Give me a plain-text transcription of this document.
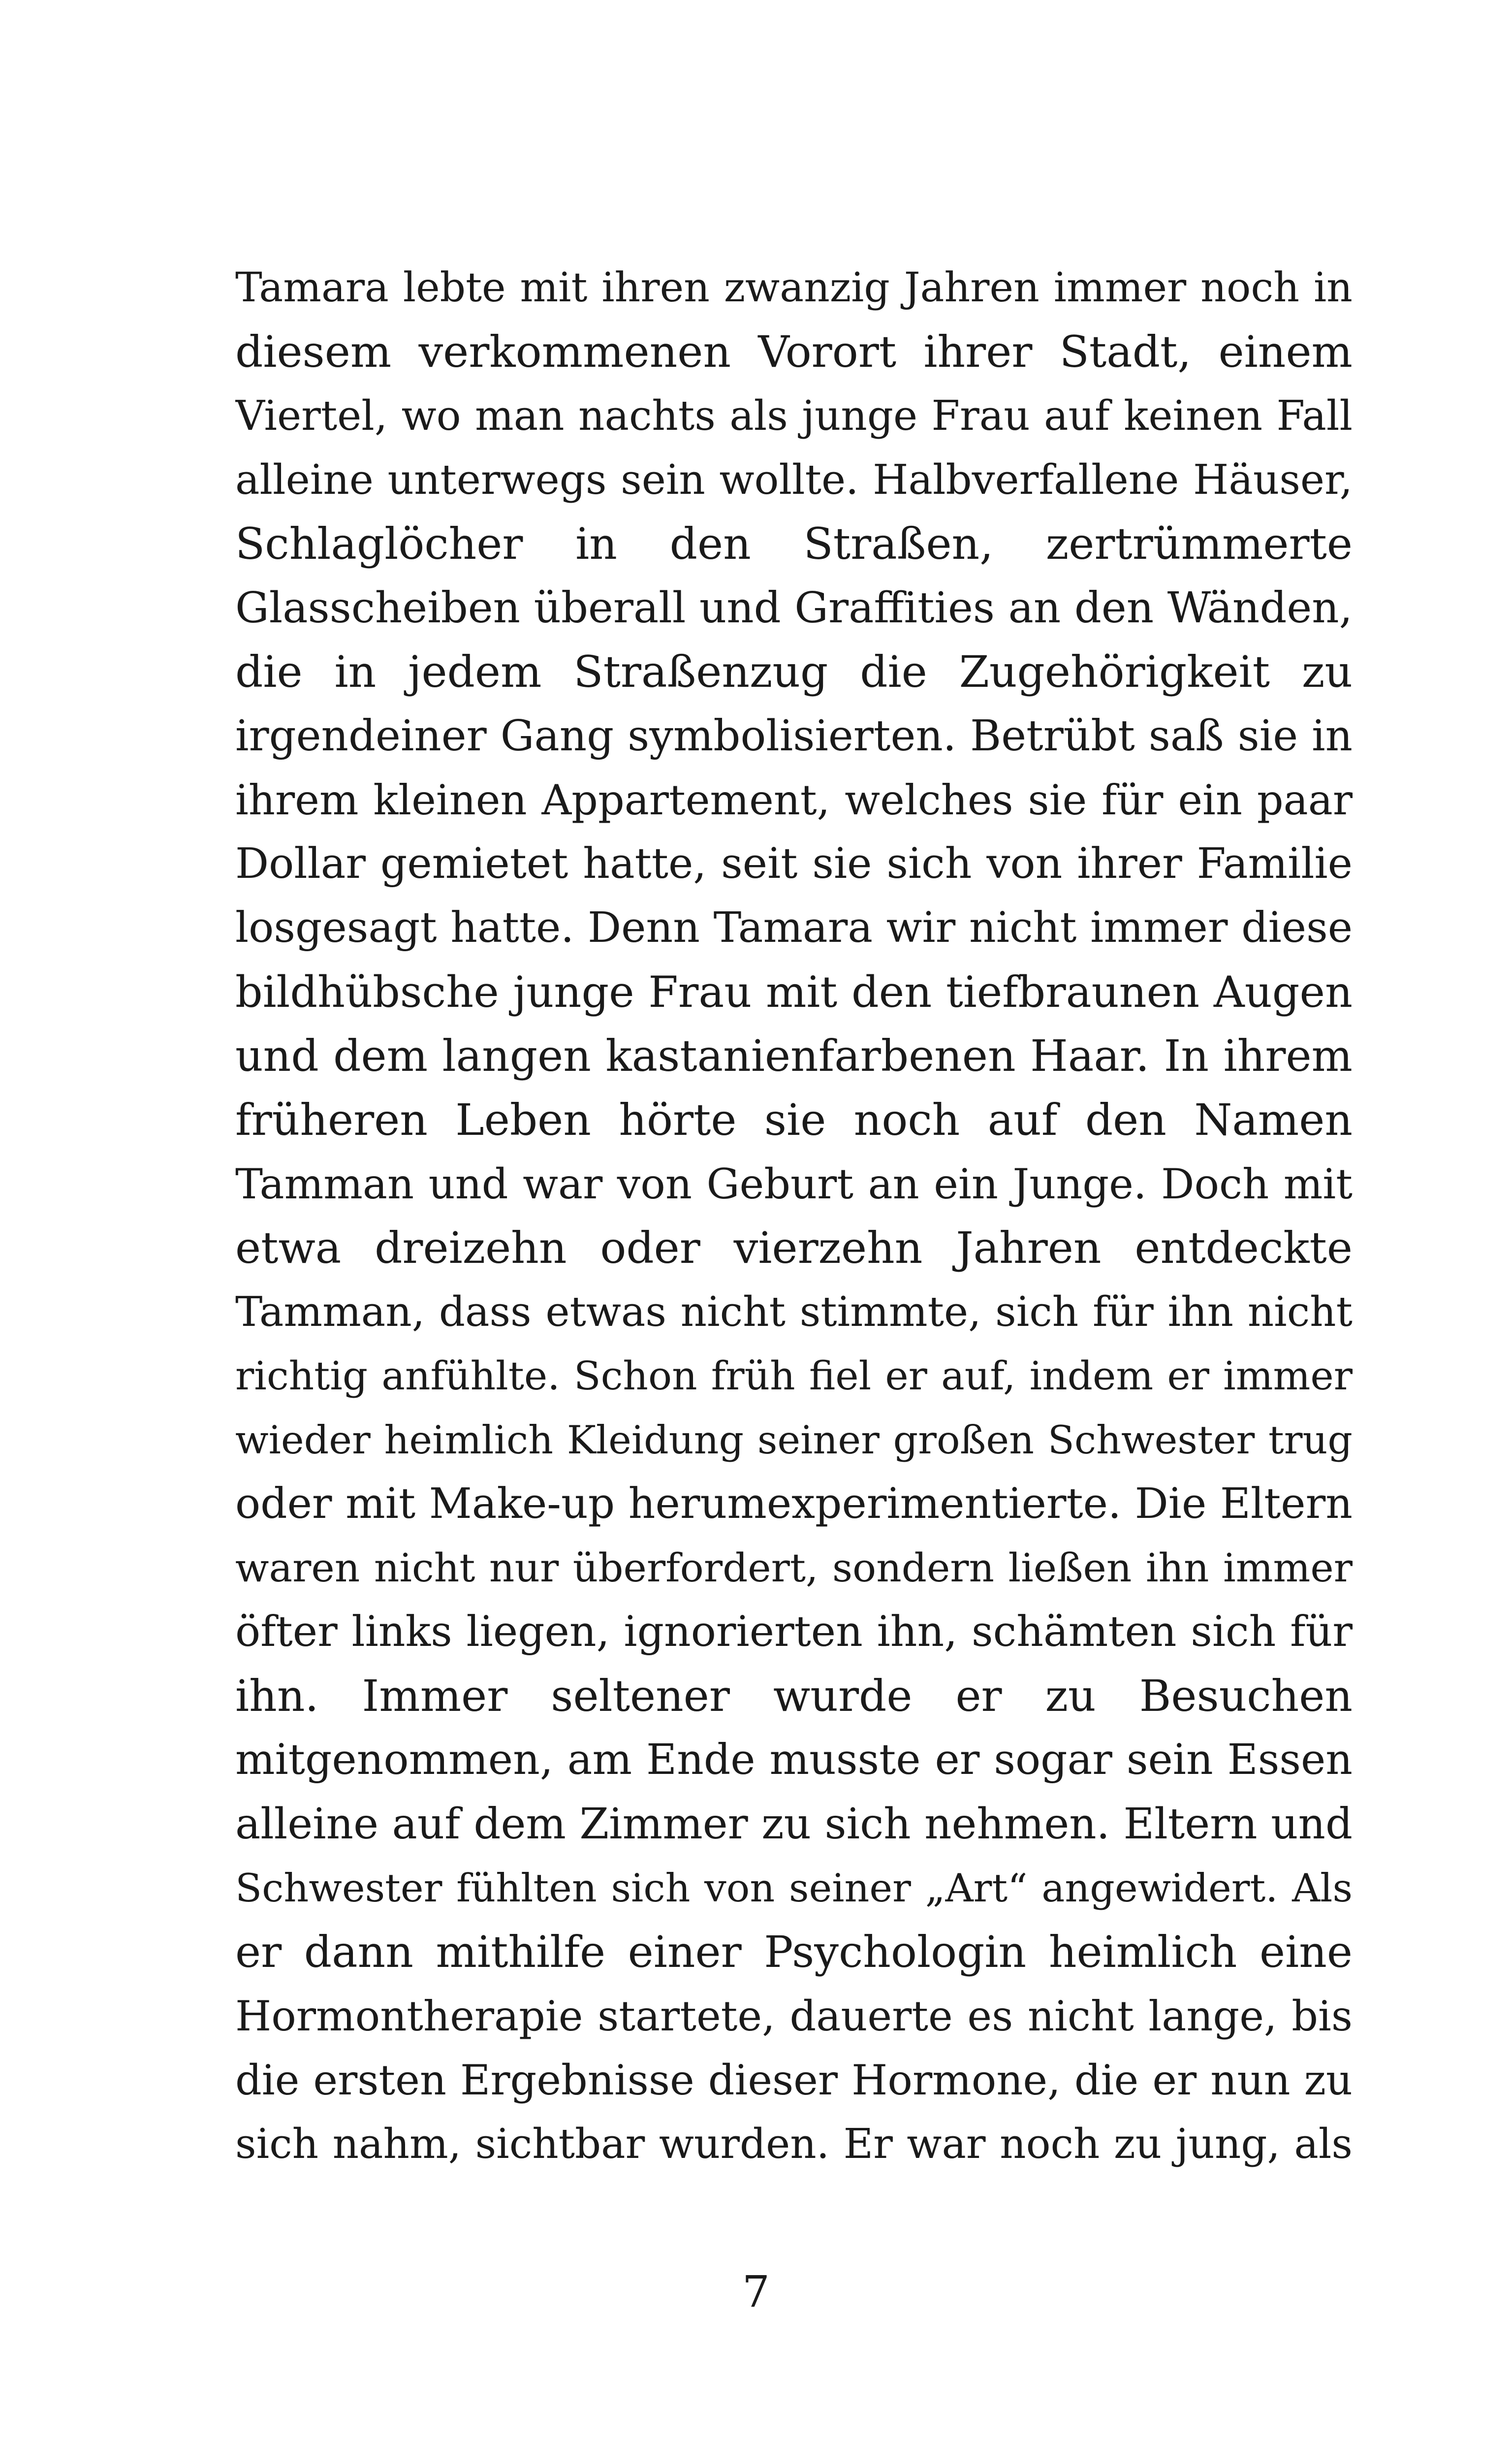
Tamara lebte mit ihren zwanzig Jahren immer noch in
diesem verkommenen Vorort ihrer Stadt, einem
Viertel, wo man nachts als junge Frau auf keinen Fall
alleine unterwegs sein wollte. Halbverfallene Häuser,
Schlaglöcher in den Straßen, zertrümmerte
Glasscheiben überall und Graffities an den Wänden,
die in jedem Straßenzug die Zugehörigkeit zu
irgendeiner Gang symbolisierten. Betrübt saß sie in
ihrem kleinen Appartement, welches sie für ein paar
Dollar gemietet hatte, seit sie sich von ihrer Familie
losgesagt hatte. Denn Tamara wir nicht immer diese
bildhübsche junge Frau mit den tiefbraunen Augen
und dem langen kastanienfarbenen Haar. In ihrem
früheren Leben hörte sie noch auf den Namen
Tamman und war von Geburt an ein Junge. Doch mit
etwa dreizehn oder vierzehn Jahren entdeckte
Tamman, dass etwas nicht stimmte, sich für ihn nicht
richtig anfühlte. Schon früh fiel er auf, indem er immer
wieder heimlich Kleidung seiner großen Schwester trug
oder mit Make-up herumexperimentierte. Die Eltern
waren nicht nur überfordert, sondern ließen ihn immer
öfter links liegen, ignorierten ihn, schämten sich für
ihn. Immer seltener wurde er zu Besuchen
mitgenommen, am Ende musste er sogar sein Essen
alleine auf dem Zimmer zu sich nehmen. Eltern und
Schwester fühlten sich von seiner „Art“ angewidert. Als
er dann mithilfe einer Psychologin heimlich eine
Hormontherapie startete, dauerte es nicht lange, bis
die ersten Ergebnisse dieser Hormone, die er nun zu
sich nahm, sichtbar wurden. Er war noch zu jung, als
7
